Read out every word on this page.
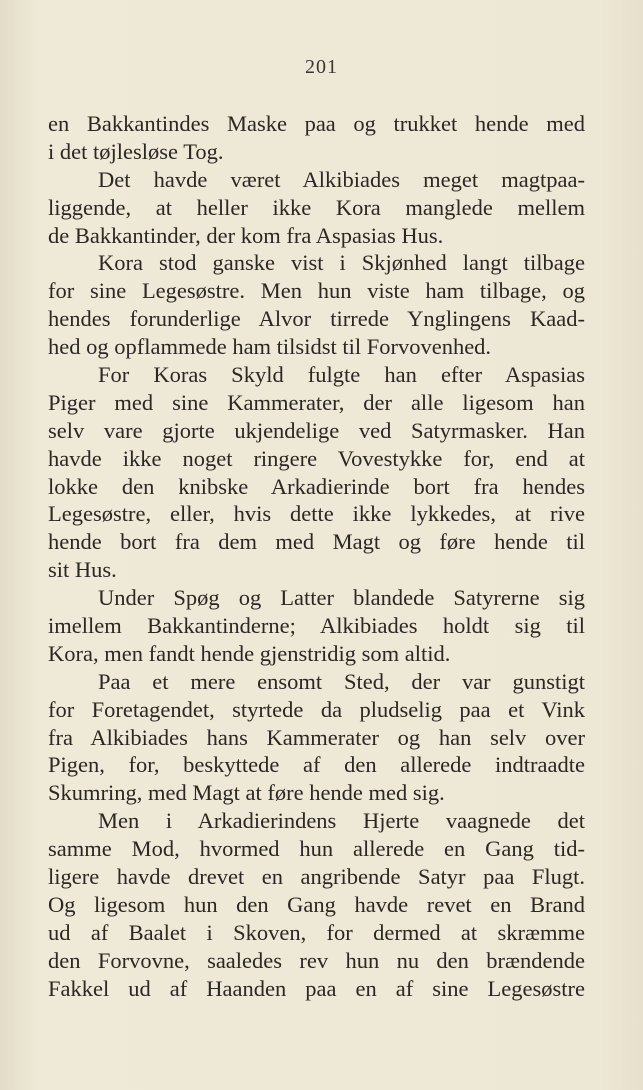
201
en Bakkantindes Maske paa og trukket hende med
i det tøjlesløse Tog.
Det havde været Alkibiades meget magtpaa-
liggende, at heller ikke Kora manglede mellem
de Bakkantinder, der kom fra Aspasias Hus.
Kora stod ganske vist i Skjønhed langt tilbage
for sine Legesøstre. Men hun viste ham tilbage, og
hendes forunderlige Alvor tirrede Ynglingens Kaad-
hed og opflammede ham tilsidst til Forvovenhed.
For Koras Skyld fulgte han efter Aspasias
Piger med sine Kammerater, der alle ligesom han
selv vare gjorte ukjendelige ved Satyrmasker. Han
havde ikke noget ringere Vovestykke for, end at
lokke den knibske Arkadierinde bort fra hendes
Legesøstre, eller, hvis dette ikke lykkedes, at rive
hende bort fra dem med Magt og føre hende til
sit Hus.
Under Spøg og Latter blandede Satyrerne sig
imellem Bakkantinderne; Alkibiades holdt sig til
Kora, men fandt hende gjenstridig som altid.
Paa et mere ensomt Sted, der var gunstigt
for Foretagendet, styrtede da pludselig paa et Vink
fra Alkibiades hans Kammerater og han selv over
Pigen, for, beskyttede af den allerede indtraadte
Skumring, med Magt at føre hende med sig.
Men i Arkadierindens Hjerte vaagnede det
samme Mod, hvormed hun allerede en Gang tid-
ligere havde drevet en angribende Satyr paa Flugt.
Og ligesom hun den Gang havde revet en Brand
ud af Baalet i Skoven, for dermed at skræmme
den Forvovne, saaledes rev hun nu den brændende
Fakkel ud af Haanden paa en af sine Legesøstre
